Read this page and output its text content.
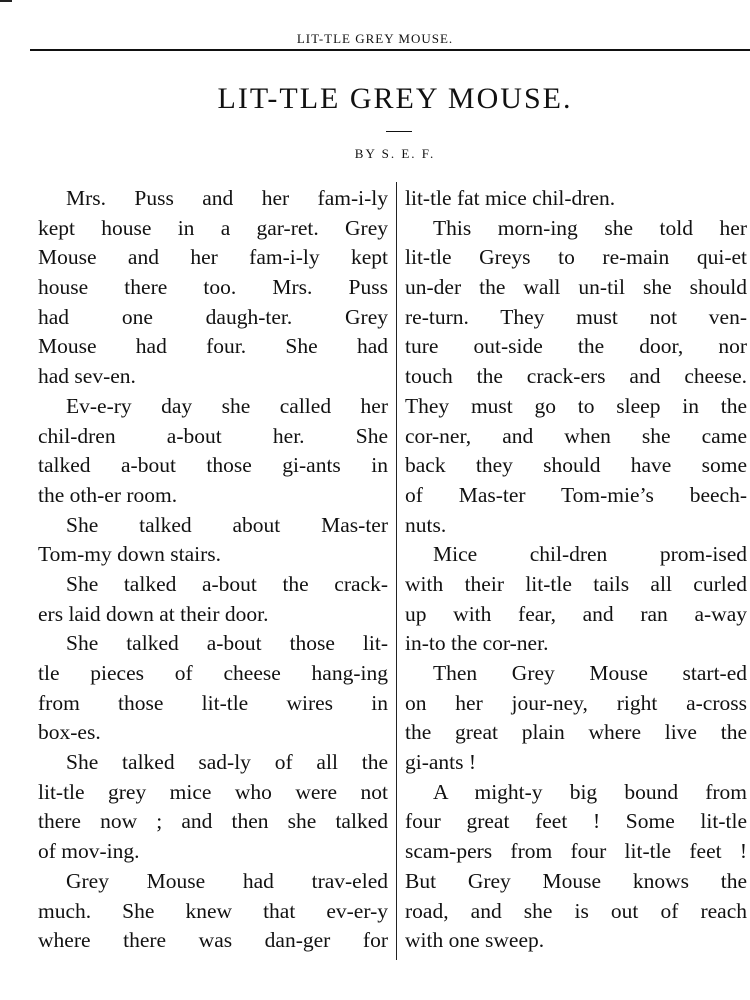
LIT-TLE GREY MOUSE.
LIT-TLE GREY MOUSE.
BY S. E. F.
Mrs. Puss and her fam-i-ly
kept house in a gar-ret. Grey
Mouse and her fam-i-ly kept
house there too. Mrs. Puss
had one daugh-ter. Grey
Mouse had four. She had
had sev-en.
Ev-e-ry day she called her
chil-dren a-bout her. She
talked a-bout those gi-ants in
the oth-er room.
She talked about Mas-ter
Tom-my down stairs.
She talked a-bout the crack-
ers laid down at their door.
She talked a-bout those lit-
tle pieces of cheese hang-ing
from those lit-tle wires in
box-es.
She talked sad-ly of all the
lit-tle grey mice who were not
there now ; and then she talked
of mov-ing.
Grey Mouse had trav-eled
much. She knew that ev-er-y
where there was dan-ger for
lit-tle fat mice chil-dren.
This morn-ing she told her
lit-tle Greys to re-main qui-et
un-der the wall un-til she should
re-turn. They must not ven-
ture out-side the door, nor
touch the crack-ers and cheese.
They must go to sleep in the
cor-ner, and when she came
back they should have some
of Mas-ter Tom-mie’s beech-
nuts.
Mice chil-dren prom-ised
with their lit-tle tails all curled
up with fear, and ran a-way
in-to the cor-ner.
Then Grey Mouse start-ed
on her jour-ney, right a-cross
the great plain where live the
gi-ants !
A might-y big bound from
four great feet ! Some lit-tle
scam-pers from four lit-tle feet !
But Grey Mouse knows the
road, and she is out of reach
with one sweep.
